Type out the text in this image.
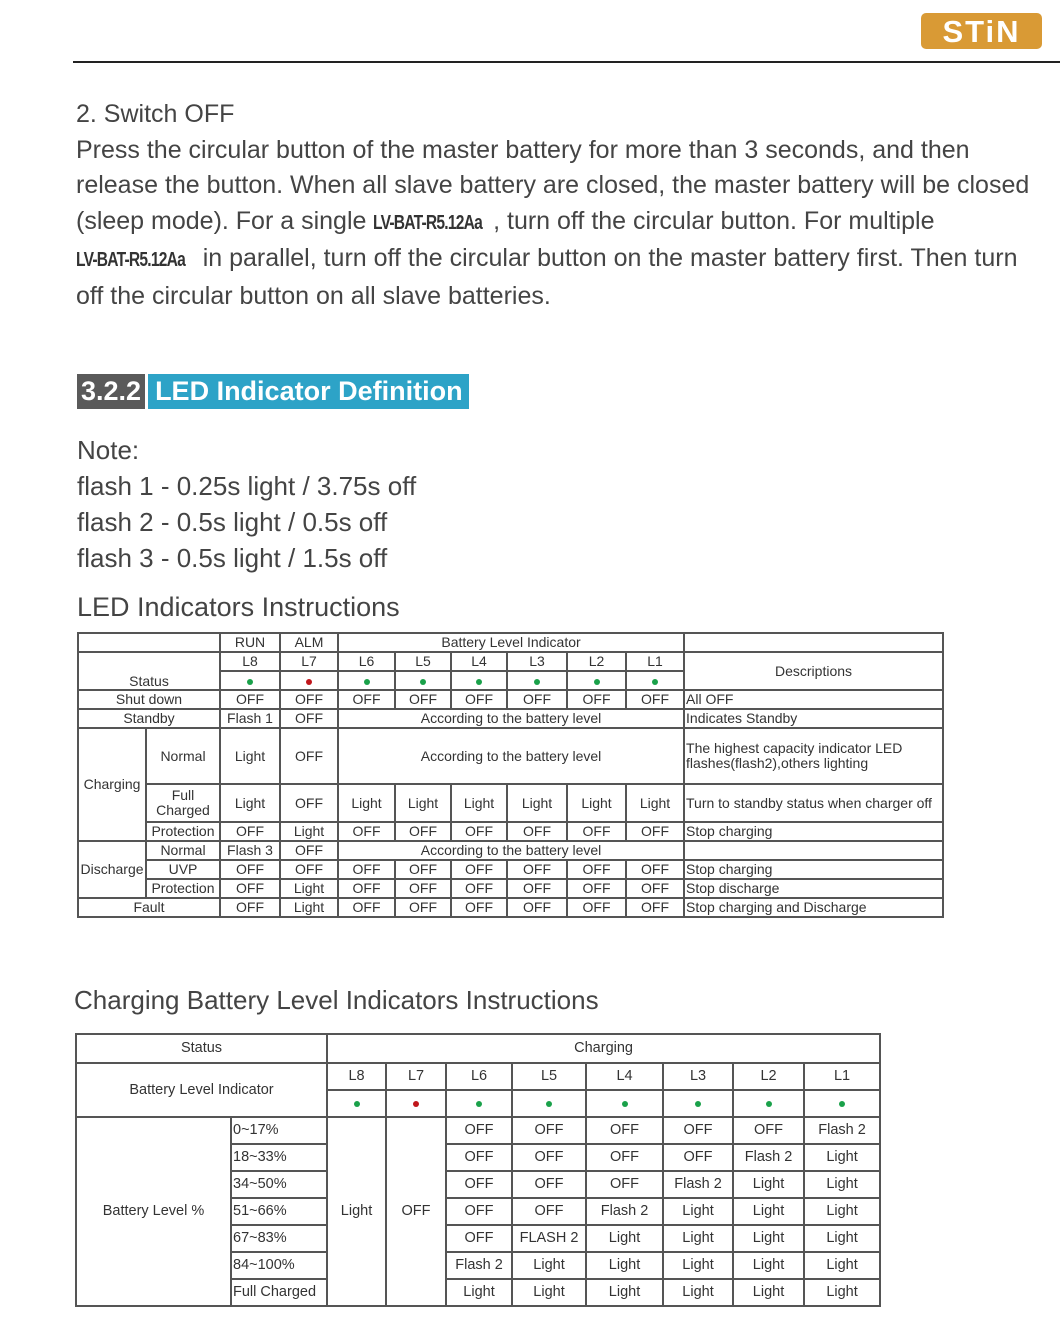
STiN

2. Switch OFF

Press the circular button of the master battery for more than 3 seconds, and then release the button. When all slave battery are closed, the master battery will be closed (sleep mode). For a single LV-BAT-R5.12Aa , turn off the circular button. For multiple LV-BAT-R5.12Aa in parallel, turn off the circular button on the master battery first. Then turn off the circular button on all slave batteries.

3.2.2 LED Indicator Definition
Note:
flash 1 - 0.25s light / 3.75s off
flash 2 - 0.5s light / 0.5s off
flash 3 - 0.5s light / 1.5s off
LED Indicators Instructions
		RUN	ALM	Battery Level Indicator						
Status		L8	L7	L6	L5	L4	L3	L2	L1	Descriptions

Shut down		OFF	OFF	OFF	OFF	OFF	OFF	OFF	OFF	All OFF
Standby		Flash 1	OFF	According to the battery level						Indicates Standby
Charging	Normal	Light	OFF	According to the battery level						The highest capacity indicator LED flashes(flash2),others lighting
	Full Charged	Light	OFF	Light	Light	Light	Light	Light	Light	Turn to standby status when charger off
	Protection	OFF	Light	OFF	OFF	OFF	OFF	OFF	OFF	Stop charging
Discharge	Normal	Flash 3	OFF	According to the battery level						
	UVP	OFF	OFF	OFF	OFF	OFF	OFF	OFF	OFF	Stop charging
	Protection	OFF	Light	OFF	OFF	OFF	OFF	OFF	OFF	Stop discharge
Fault		OFF	Light	OFF	OFF	OFF	OFF	OFF	OFF	Stop charging and Discharge
Charging Battery Level Indicators Instructions
Status		Charging							
Battery Level Indicator		L8	L7	L6	L5	L4	L3	L2	L1

Battery Level %	0~17%	Light	OFF	OFF	OFF	OFF	OFF	OFF	Flash 2
	18~33%			OFF	OFF	OFF	OFF	Flash 2	Light
	34~50%			OFF	OFF	OFF	Flash 2	Light	Light
	51~66%			OFF	OFF	Flash 2	Light	Light	Light
	67~83%			OFF	FLASH 2	Light	Light	Light	Light
	84~100%			Flash 2	Light	Light	Light	Light	Light
	Full Charged			Light	Light	Light	Light	Light	Light
